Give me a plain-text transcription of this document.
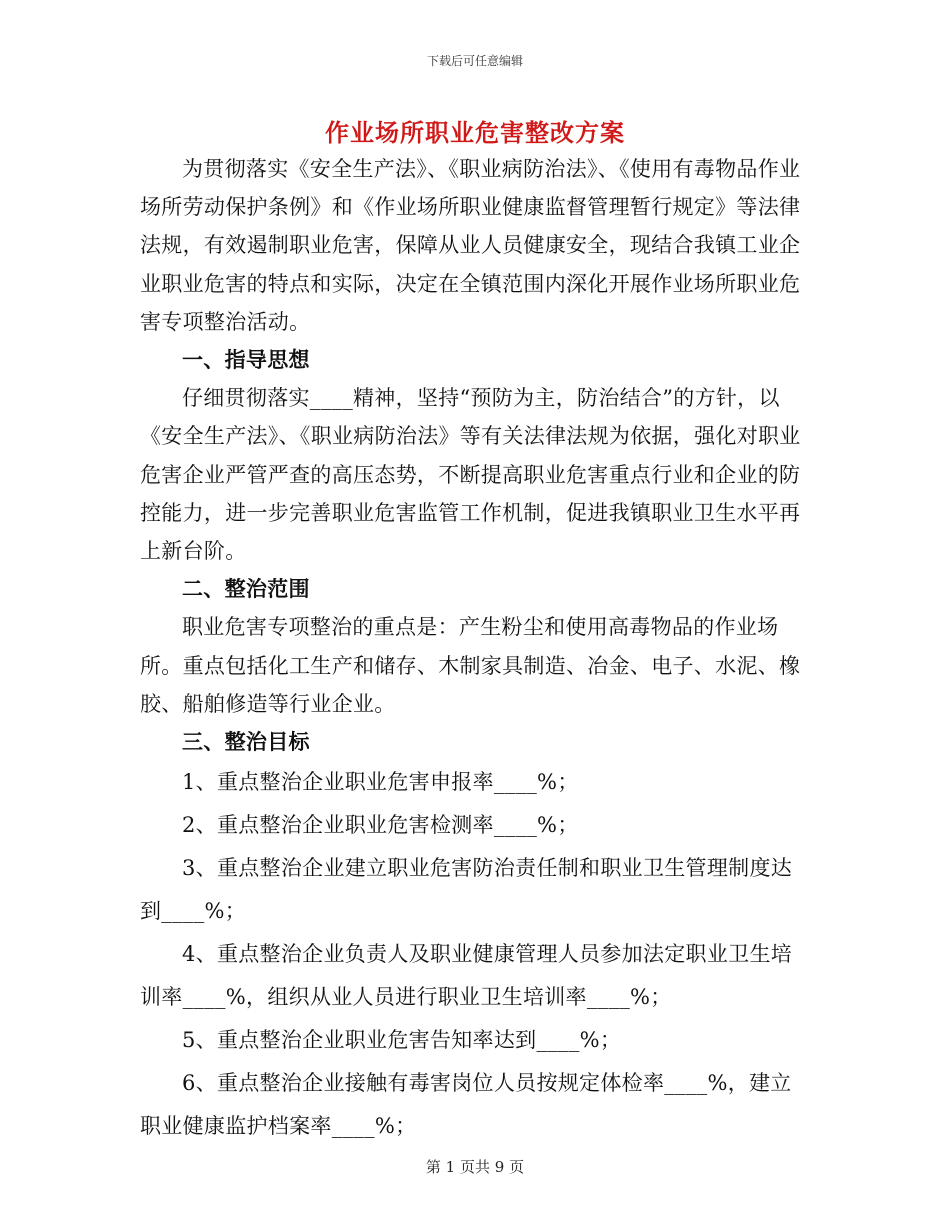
下载后可任意编辑
作业场所职业危害整改方案

为贯彻落实《安全生产法》、《职业病防治法》、《使用有毒物品作业场所劳动保护条例》和《作业场所职业健康监督管理暂行规定》等法律法规，有效遏制职业危害，保障从业人员健康安全，现结合我镇工业企业职业危害的特点和实际，决定在全镇范围内深化开展作业场所职业危害专项整治活动。

一、指导思想

仔细贯彻落实____精神，坚持“预防为主，防治结合”的方针，以《安全生产法》、《职业病防治法》等有关法律法规为依据，强化对职业危害企业严管严查的高压态势，不断提高职业危害重点行业和企业的防控能力，进一步完善职业危害监管工作机制，促进我镇职业卫生水平再上新台阶。

二、整治范围

职业危害专项整治的重点是：产生粉尘和使用高毒物品的作业场所。重点包括化工生产和储存、木制家具制造、冶金、电子、水泥、橡胶、船舶修造等行业企业。

三、整治目标

1、重点整治企业职业危害申报率____%；

2、重点整治企业职业危害检测率____%；

3、重点整治企业建立职业危害防治责任制和职业卫生管理制度达到____%；

4、重点整治企业负责人及职业健康管理人员参加法定职业卫生培训率____%，组织从业人员进行职业卫生培训率____%；

5、重点整治企业职业危害告知率达到____%；

6、重点整治企业接触有毒害岗位人员按规定体检率____%，建立职业健康监护档案率____%；

第 1 页共 9 页
